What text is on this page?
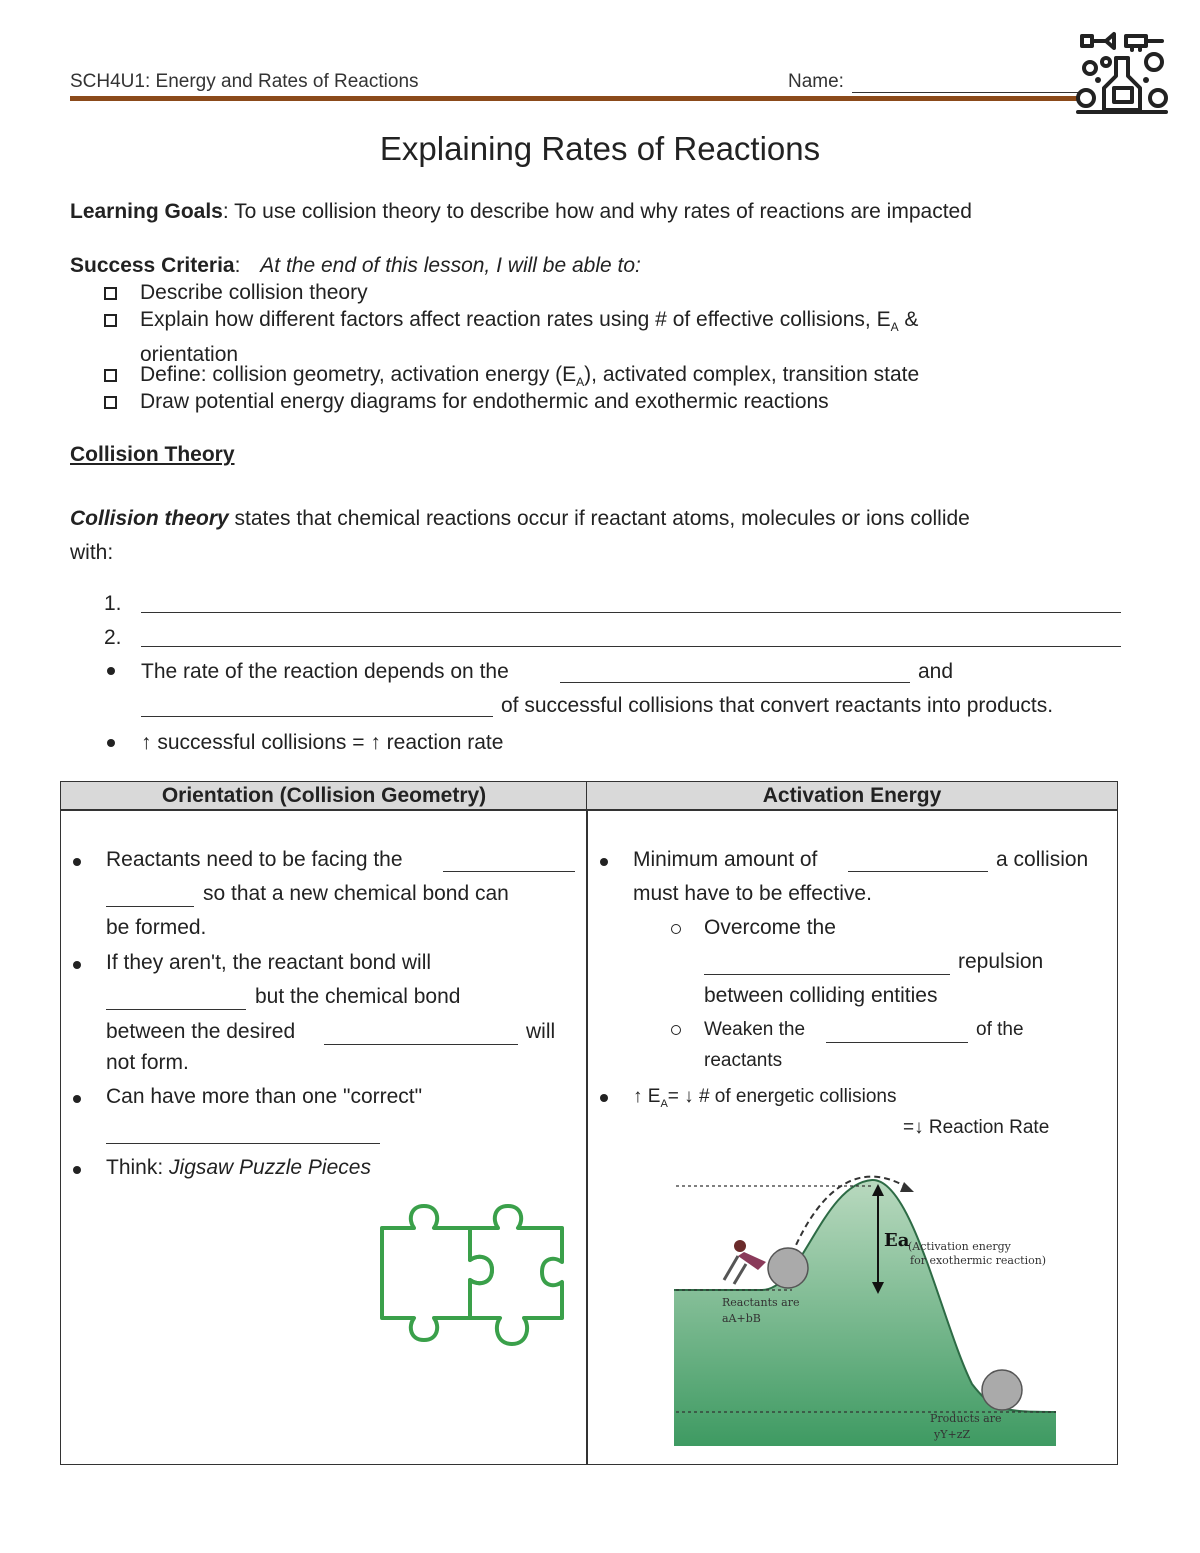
SCH4U1: Energy and Rates of Reactions	Name:
Explaining Rates of Reactions
Learning Goals: To use collision theory to describe how and why rates of reactions are impacted
Success Criteria: At the end of this lesson, I will be able to:
Describe collision theory
Explain how different factors affect reaction rates using # of effective collisions, $E_A$ &
orientation
Define: collision geometry, activation energy $(E_A)$, activated complex, transition state
Draw potential energy diagrams for endothermic and exothermic reactions
Collision Theory
Collision theory states that chemical reactions occur if reactant atoms, molecules or ions collide
with:
1.
2.
The rate of the reaction depends on the	and
of successful collisions that convert reactants into products.
↑ successful collisions = ↑ reaction rate
Orientation (Collision Geometry)	Activation Energy
Reactants need to be facing the
so that a new chemical bond can
be formed.
If they aren't, the reactant bond will
but the chemical bond
between the desired	will
not form.
Can have more than one "correct"
Think: Jigsaw Puzzle Pieces
Minimum amount of	a collision
must have to be effective.
Overcome the
repulsion
between colliding entities
Weaken the	of the
reactants
↑ $E_A=$ ↓ # of energetic collisions
=↓ Reaction Rate
Ea
(Activation energy
for exothermic reaction)
Reactants are
aA+bB
Products are
yY+zZ
